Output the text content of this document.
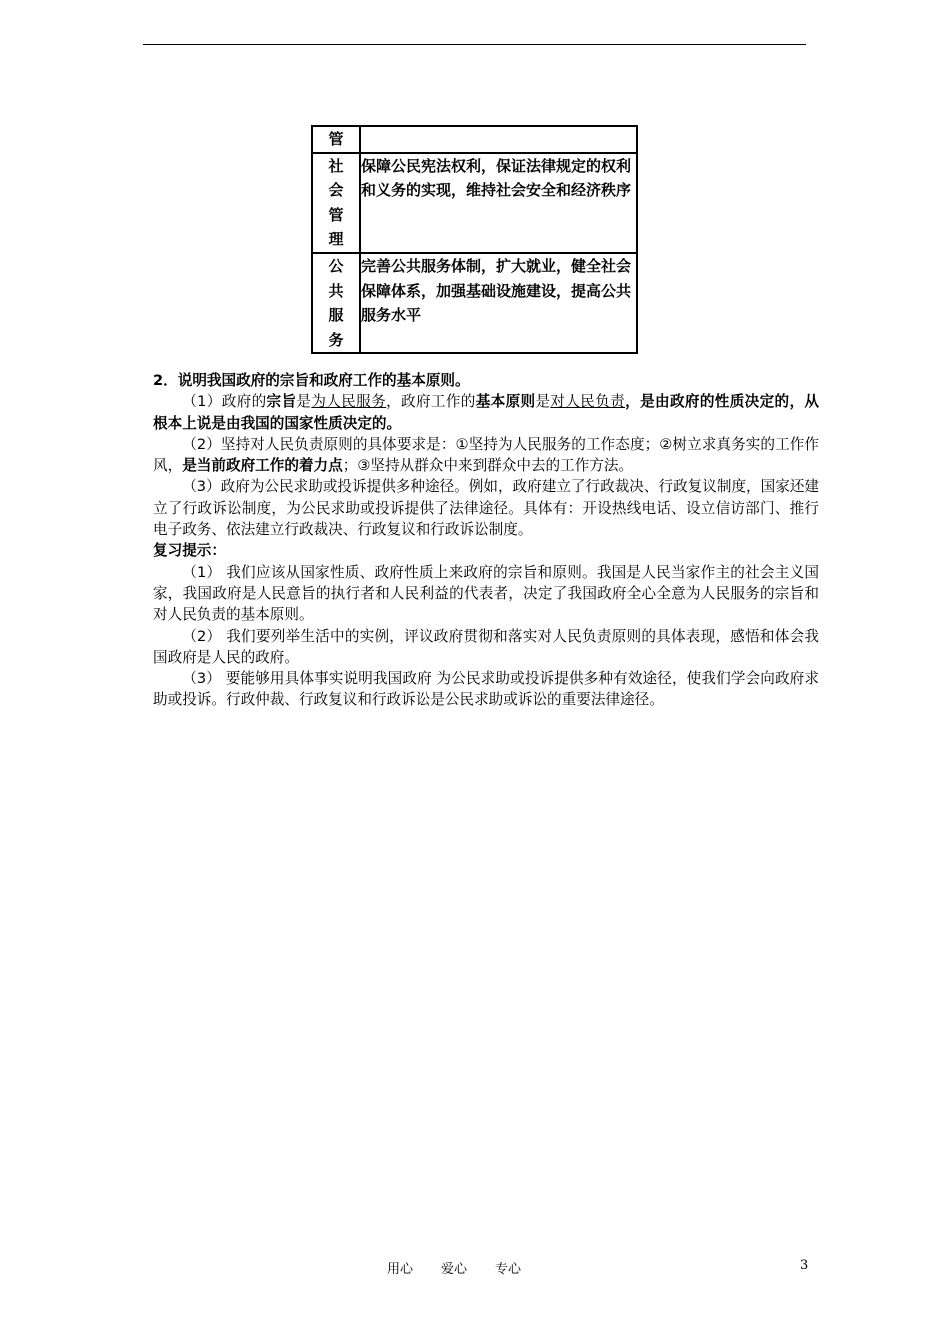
管	

社
会
管
理	保障公民宪法权利，保证法律规定的权利和义务的实现，维持社会安全和经济秩序

公
共
服
务	完善公共服务体制，扩大就业，健全社会保障体系，加强基础设施建设，提高公共服务水平

2．说明我国政府的宗旨和政府工作的基本原则。

（1）政府的宗旨是为人民服务，政府工作的基本原则是对人民负责，是由政府的性质决定的，从根本上说是由我国的国家性质决定的。

（2）坚持对人民负责原则的具体要求是：①坚持为人民服务的工作态度；②树立求真务实的工作作风，是当前政府工作的着力点；③坚持从群众中来到群众中去的工作方法。

（3）政府为公民求助或投诉提供多种途径。例如，政府建立了行政裁决、行政复议制度，国家还建立了行政诉讼制度，为公民求助或投诉提供了法律途径。具体有：开设热线电话、设立信访部门、推行电子政务、依法建立行政裁决、行政复议和行政诉讼制度。

复习提示：

（1） 我们应该从国家性质、政府性质上来政府的宗旨和原则。我国是人民当家作主的社会主义国家，我国政府是人民意旨的执行者和人民利益的代表者，决定了我国政府全心全意为人民服务的宗旨和对人民负责的基本原则。

（2） 我们要列举生活中的实例，评议政府贯彻和落实对人民负责原则的具体表现，感悟和体会我国政府是人民的政府。

（3） 要能够用具体事实说明我国政府 为公民求助或投诉提供多种有效途径，使我们学会向政府求助或投诉。行政仲裁、行政复议和行政诉讼是公民求助或诉讼的重要法律途径。

用心 爱心 专心	3
